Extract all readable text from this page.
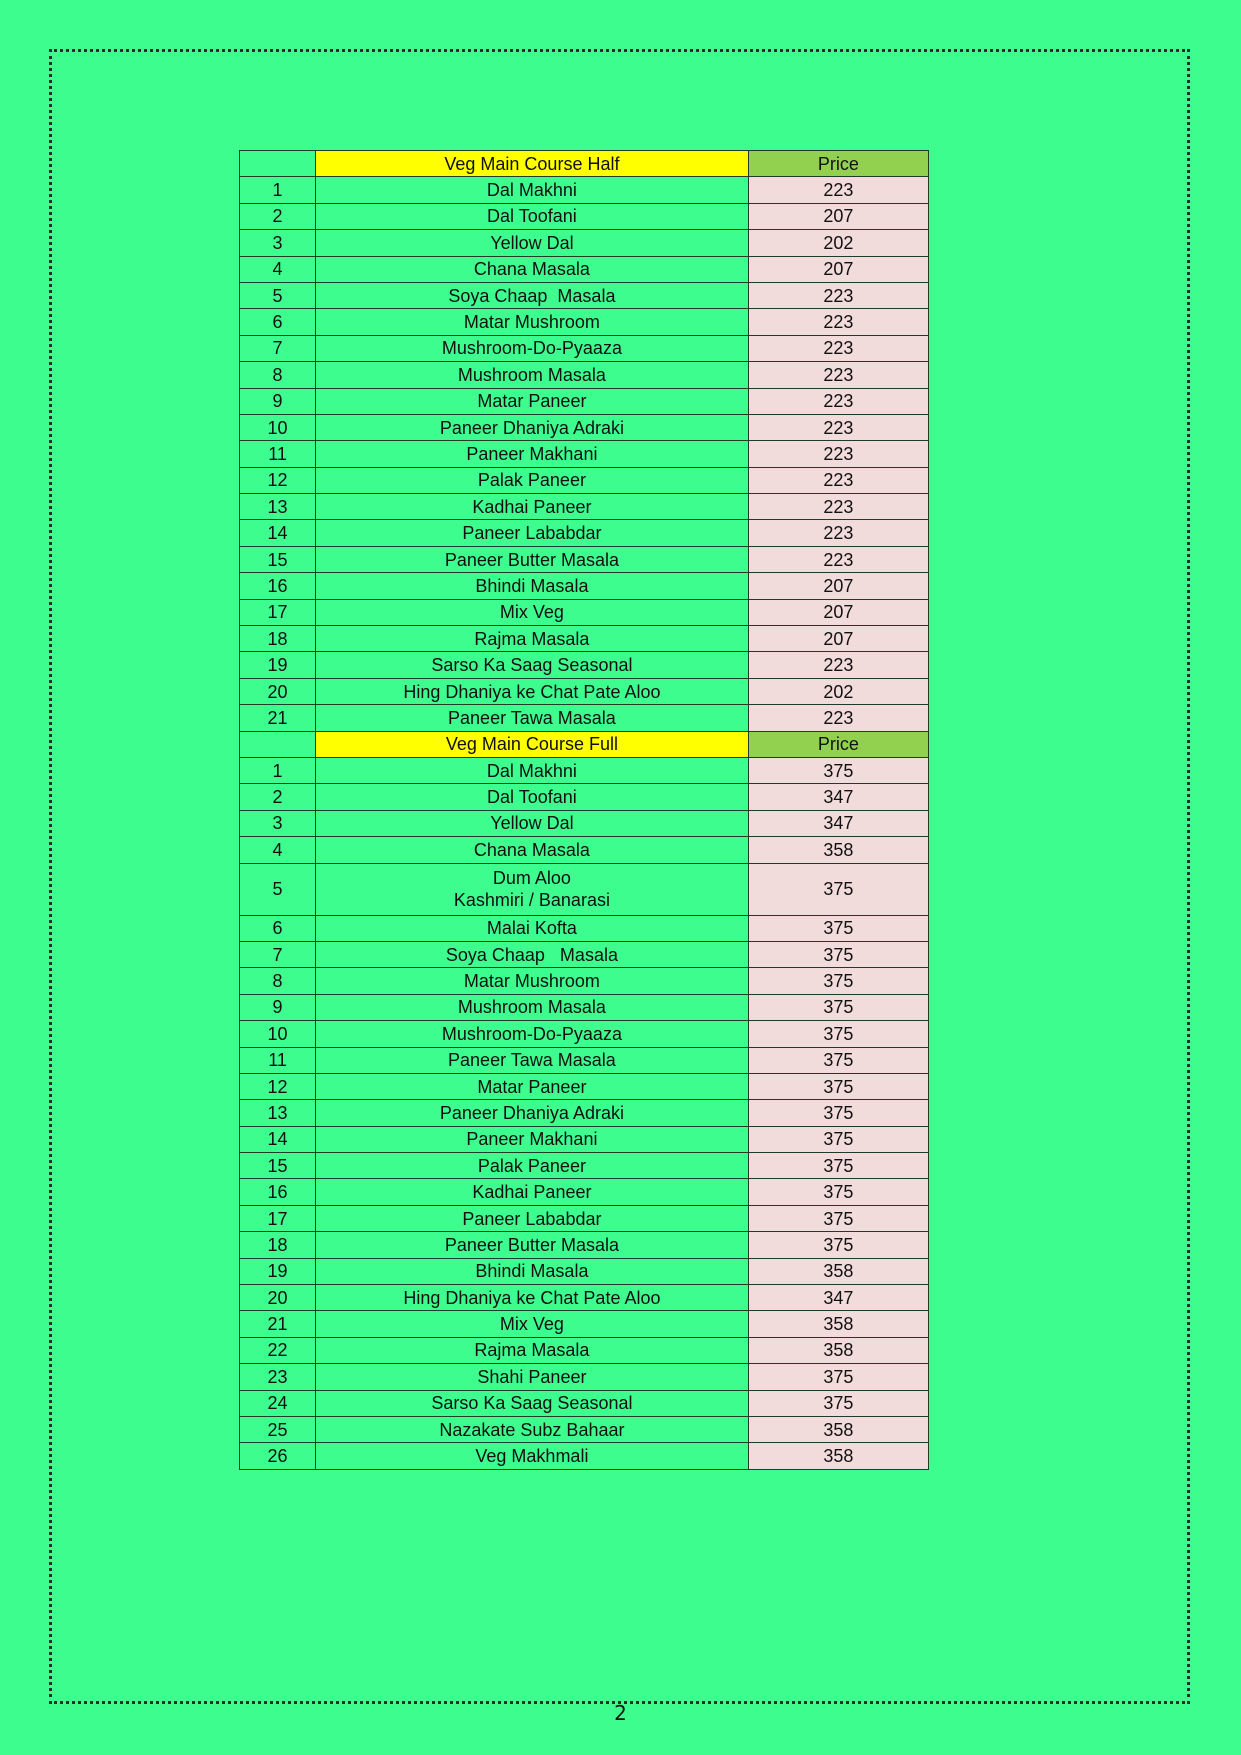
	Veg Main Course Half	Price
1	Dal Makhni	223
2	Dal Toofani	207
3	Yellow Dal	202
4	Chana Masala	207
5	Soya Chaap  Masala	223
6	Matar Mushroom	223
7	Mushroom-Do-Pyaaza	223
8	Mushroom Masala	223
9	Matar Paneer	223
10	Paneer Dhaniya Adraki	223
11	Paneer Makhani	223
12	Palak Paneer	223
13	Kadhai Paneer	223
14	Paneer Lababdar	223
15	Paneer Butter Masala	223
16	Bhindi Masala	207
17	Mix Veg	207
18	Rajma Masala	207
19	Sarso Ka Saag Seasonal	223
20	Hing Dhaniya ke Chat Pate Aloo	202
21	Paneer Tawa Masala	223
	Veg Main Course Full	Price
1	Dal Makhni	375
2	Dal Toofani	347
3	Yellow Dal	347
4	Chana Masala	358
5	Dum Aloo
Kashmiri / Banarasi	375
6	Malai Kofta	375
7	Soya Chaap   Masala	375
8	Matar Mushroom	375
9	Mushroom Masala	375
10	Mushroom-Do-Pyaaza	375
11	Paneer Tawa Masala	375
12	Matar Paneer	375
13	Paneer Dhaniya Adraki	375
14	Paneer Makhani	375
15	Palak Paneer	375
16	Kadhai Paneer	375
17	Paneer Lababdar	375
18	Paneer Butter Masala	375
19	Bhindi Masala	358
20	Hing Dhaniya ke Chat Pate Aloo	347
21	Mix Veg	358
22	Rajma Masala	358
23	Shahi Paneer	375
24	Sarso Ka Saag Seasonal	375
25	Nazakate Subz Bahaar	358
26	Veg Makhmali	358
2
